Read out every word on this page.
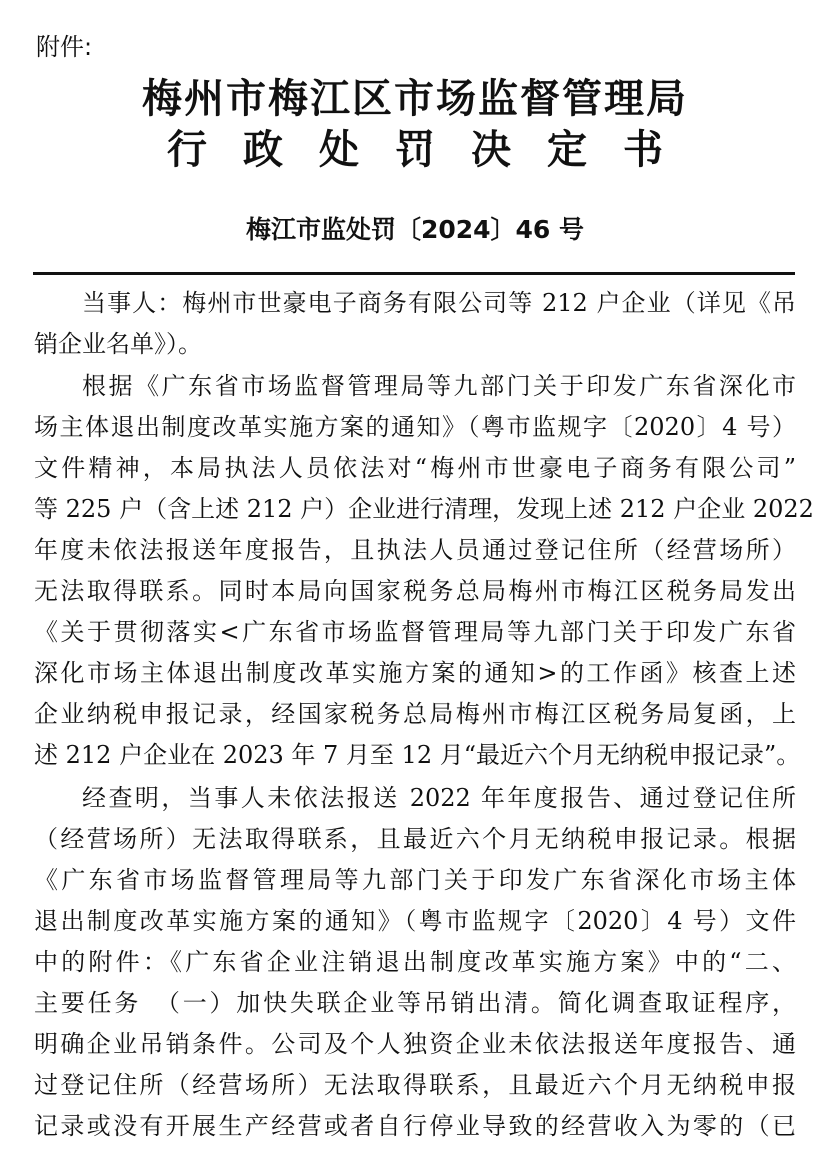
附件:
梅州市梅江区市场监督管理局
行政处罚决定书
梅江市监处罚〔2024〕46 号
当事人：梅州市世豪电子商务有限公司等 212 户企业（详见《吊
销企业名单》）。
根据《广东省市场监督管理局等九部门关于印发广东省深化市
场主体退出制度改革实施方案的通知》（粤市监规字〔2020〕4 号）
文件精神，本局执法人员依法对“梅州市世豪电子商务有限公司”
等 225 户（含上述 212 户）企业进行清理，发现上述 212 户企业 2022
年度未依法报送年度报告，且执法人员通过登记住所（经营场所）
无法取得联系。同时本局向国家税务总局梅州市梅江区税务局发出
《关于贯彻落实<广东省市场监督管理局等九部门关于印发广东省
深化市场主体退出制度改革实施方案的通知>的工作函》核查上述
企业纳税申报记录，经国家税务总局梅州市梅江区税务局复函，上
述 212 户企业在 2023 年 7 月至 12 月“最近六个月无纳税申报记录”。
经查明，当事人未依法报送 2022 年年度报告、通过登记住所
（经营场所）无法取得联系，且最近六个月无纳税申报记录。根据
《广东省市场监督管理局等九部门关于印发广东省深化市场主体
退出制度改革实施方案的通知》（粤市监规字〔2020〕4 号）文件
中的附件：《广东省企业注销退出制度改革实施方案》中的“二、
主要任务　（一）加快失联企业等吊销出清。简化调查取证程序，
明确企业吊销条件。公司及个人独资企业未依法报送年度报告、通
过登记住所（经营场所）无法取得联系，且最近六个月无纳税申报
记录或没有开展生产经营或者自行停业导致的经营收入为零的（已
